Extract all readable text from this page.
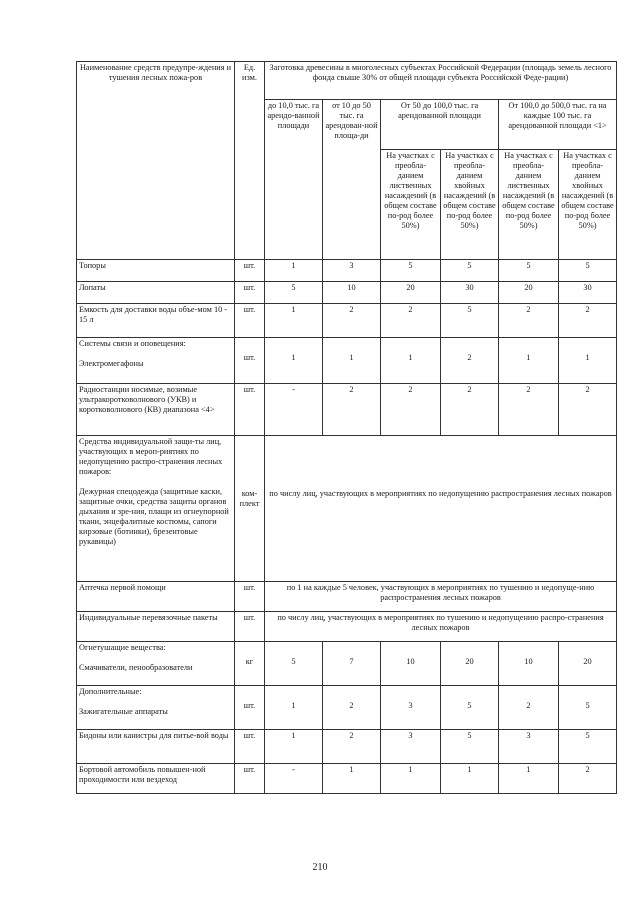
Наименование средств предупре-ждения и тушения лесных пожа-ров	Ед. изм.	Заготовка древесины в многолесных субъектах Российской Федерации (площадь земель лесного фонда свыше 30% от общей площади субъекта Российской Феде-рации)					
		до 10,0 тыс. га арендо-ванной площади	от 10 до 50 тыс. га арендован-ной площа-ди	От 50 до 100,0 тыс. га арендованной площади		От 100,0 до 500,0 тыс. га на каждые 100 тыс. га арендованной площади <1>	
				На участках с преобла-данием лиственных насаждений (в общем составе по-род более 50%)	На участках с преобла-данием хвойных насаждений (в общем составе по-род более 50%)	На участках с преобла-данием лиственных насаждений (в общем составе по-род более 50%)	На участках с преобла-данием хвойных насаждений (в общем составе по-род более 50%)
Топоры	шт.	1	3	5	5	5	5
Лопаты	шт.	5	10	20	30	20	30
Емкость для доставки воды объе-мом 10 - 15 л	шт.	1	2	2	5	2	2
Системы связи и оповещения:
Электромегафоны	шт.	1	1	1	2	1	1

Радиостанции носимые, возимые ультракоротковолнового (УКВ) и коротковолнового (КВ) диапазона <4>	шт.	-	2	2	2	2	2
Средства индивидуальной защи-ты лиц, участвующих в мероп-риятиях по недопущению распро-странения лесных пожаров:
Дежурная спецодежда (защитные каски, защитные очки, средства защиты органов дыхания и зре-ния, плащи из огнеупорной ткани, энцефалитные костюмы, сапоги кирзовые (ботинки), брезентовые рукавицы)	ком-плект	по числу лиц, участвующих в мероприятиях по недопущению распространения лесных пожаров					

Аптечка первой помощи	шт.	по 1 на каждые 5 человек, участвующих в мероприятиях по тушению и недопуще-нию распространения лесных пожаров					
Индивидуальные перевязочные пакеты	шт.	по числу лиц, участвующих в мероприятиях по тушению и недопущению распро-странения лесных пожаров					
Огнетушащие вещества:
Смачиватели, пенообразователи	кг	5	7	10	20	10	20

Дополнительные:
Зажигательные аппараты	шт.	1	2	3	5	2	5

Бидоны или канистры для питье-вой воды	шт.	1	2	3	5	3	5
Бортовой автомобиль повышен-ной проходимости или вездеход	шт.	-	1	1	1	1	2
210
